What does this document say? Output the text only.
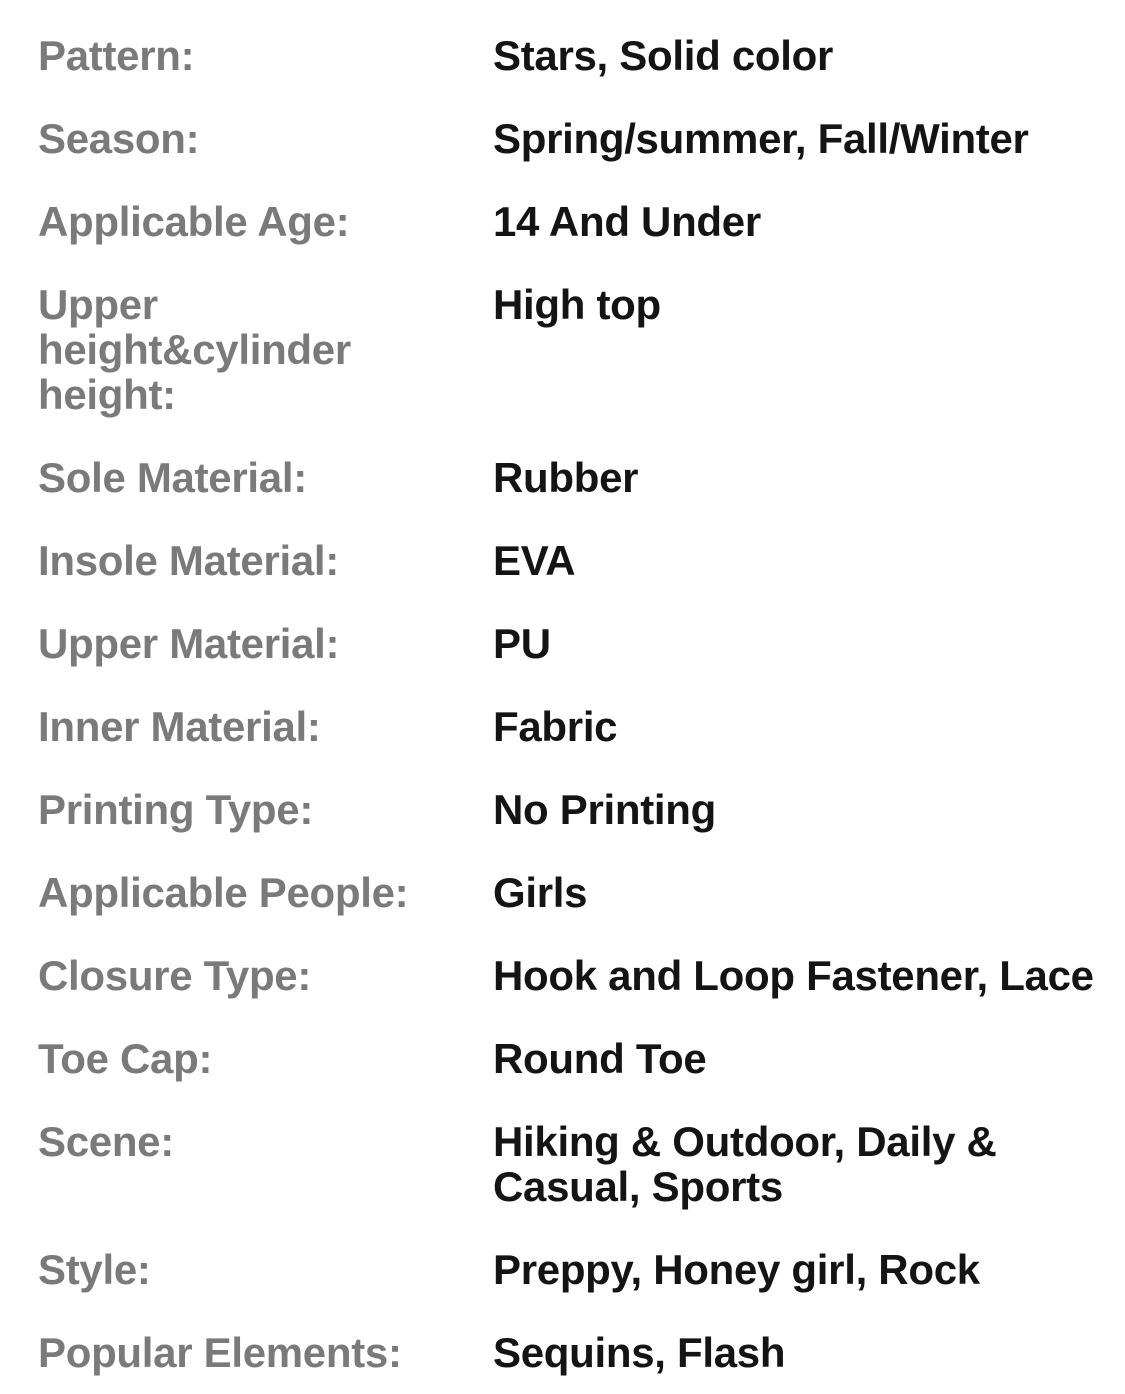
Pattern:	Stars, Solid color
Season:	Spring/summer, Fall/Winter
Applicable Age:	14 And Under
Upper height&cylinder height:
High top
Sole Material:	Rubber
Insole Material:	EVA
Upper Material:	PU
Inner Material:	Fabric
Printing Type:	No Printing
Applicable People:	Girls
Closure Type:	Hook and Loop Fastener, Lace
Toe Cap:	Round Toe
Scene:	Hiking & Outdoor, Daily & Casual, Sports
Style:	Preppy, Honey girl, Rock
Popular Elements:	Sequins, Flash
